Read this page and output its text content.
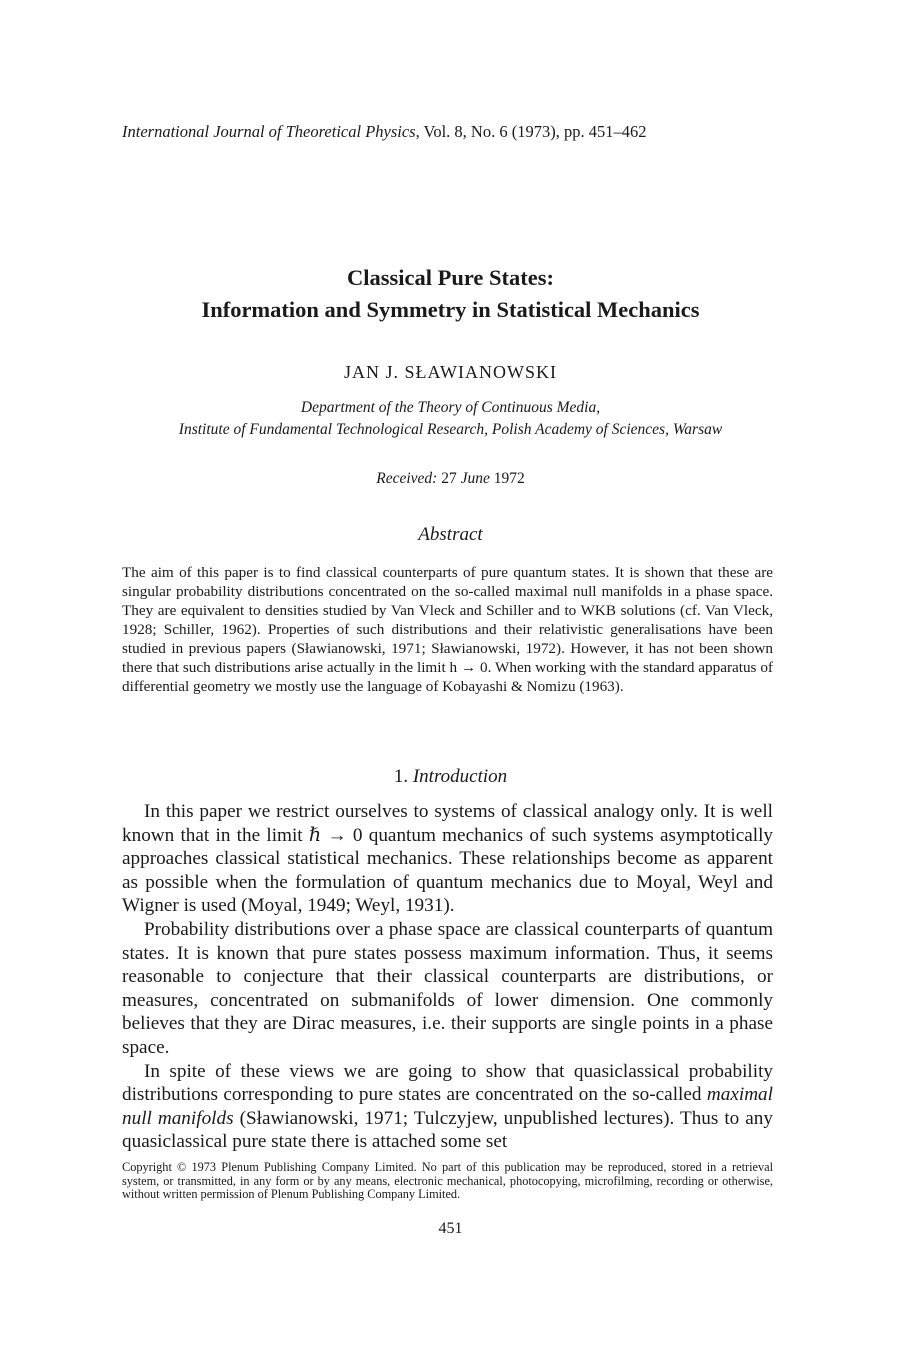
International Journal of Theoretical Physics, Vol. 8, No. 6 (1973), pp. 451–462
Classical Pure States:
Information and Symmetry in Statistical Mechanics
JAN J. SŁAWIANOWSKI
Department of the Theory of Continuous Media,
Institute of Fundamental Technological Research, Polish Academy of Sciences, Warsaw
Received: 27 June 1972
Abstract

The aim of this paper is to find classical counterparts of pure quantum states. It is shown that these are singular probability distributions concentrated on the so-called maximal null manifolds in a phase space. They are equivalent to densities studied by Van Vleck and Schiller and to WKB solutions (cf. Van Vleck, 1928; Schiller, 1962). Properties of such distributions and their relativistic generalisations have been studied in previous papers (Sławianowski, 1971; Sławianowski, 1972). However, it has not been shown there that such distributions arise actually in the limit h → 0. When working with the standard apparatus of differential geometry we mostly use the language of Kobayashi & Nomizu (1963).

1. Introduction

In this paper we restrict ourselves to systems of classical analogy only. It is well known that in the limit ℏ → 0 quantum mechanics of such systems asymptotically approaches classical statistical mechanics. These relationships become as apparent as possible when the formulation of quantum mechanics due to Moyal, Weyl and Wigner is used (Moyal, 1949; Weyl, 1931).

Probability distributions over a phase space are classical counterparts of quantum states. It is known that pure states possess maximum information. Thus, it seems reasonable to conjecture that their classical counterparts are distributions, or measures, concentrated on submanifolds of lower dimension. One commonly believes that they are Dirac measures, i.e. their supports are single points in a phase space.

In spite of these views we are going to show that quasiclassical probability distributions corresponding to pure states are concentrated on the so-called maximal null manifolds (Sławianowski, 1971; Tulczyjew, unpublished lectures). Thus to any quasiclassical pure state there is attached some set

Copyright © 1973 Plenum Publishing Company Limited. No part of this publication may be reproduced, stored in a retrieval system, or transmitted, in any form or by any means, electronic mechanical, photocopying, microfilming, recording or otherwise, without written permission of Plenum Publishing Company Limited.
451
